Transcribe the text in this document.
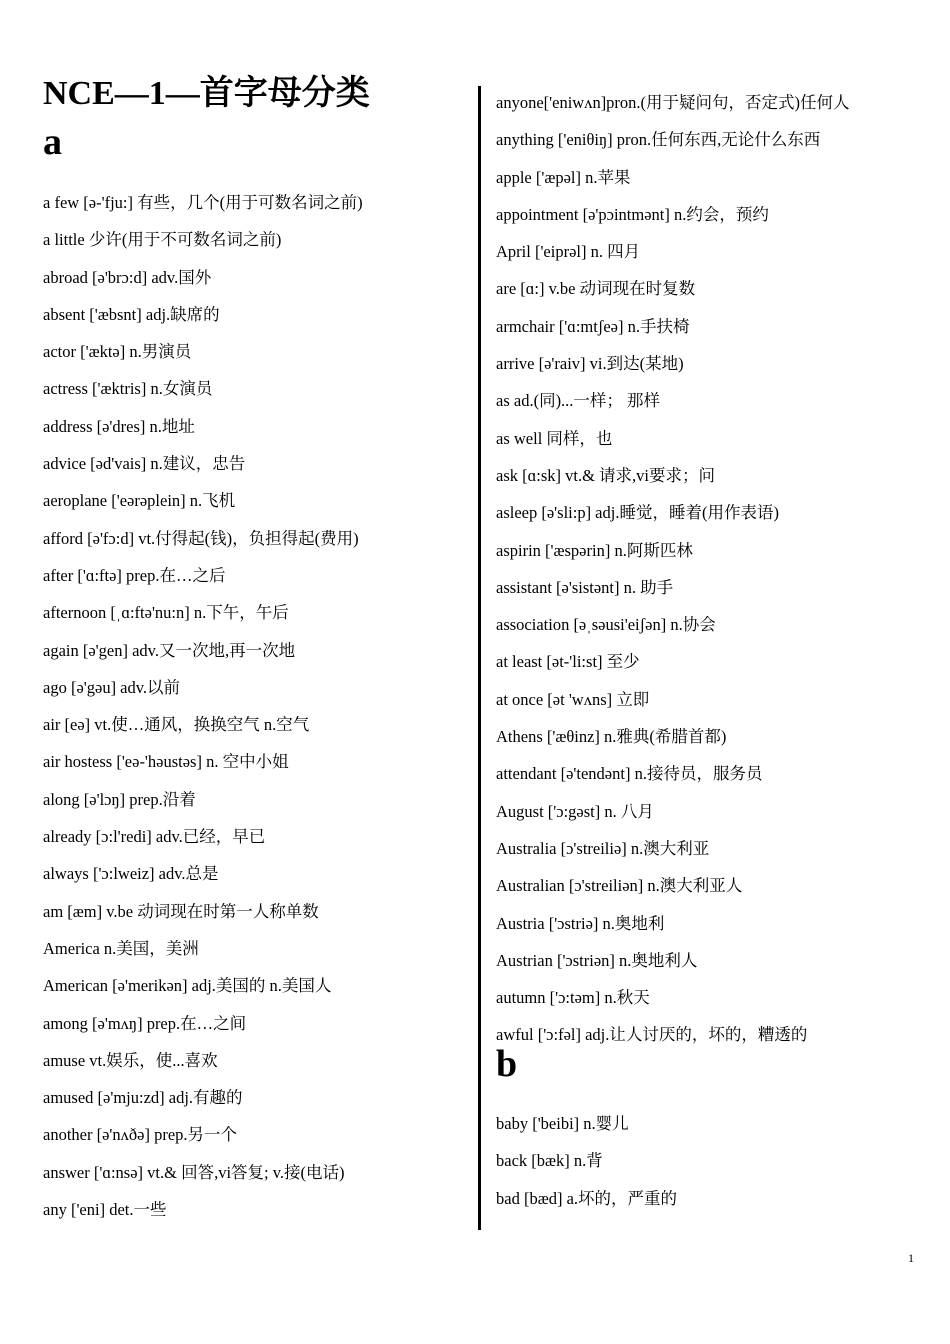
NCE—1—首字母分类
a
a few [ə-'fju:] 有些，几个(用于可数名词之前)
a little 少许(用于不可数名词之前)
abroad [ə'brɔ:d] adv.国外
absent ['æbsnt] adj.缺席的
actor ['æktə] n.男演员
actress ['æktris] n.女演员
address [ə'dres] n.地址
advice [əd'vais] n.建议，忠告
aeroplane ['eərəplein] n.飞机
afford [ə'fɔ:d] vt.付得起(钱)，负担得起(费用)
after ['ɑ:ftə] prep.在…之后
afternoon [ˌɑ:ftə'nu:n] n.下午，午后
again [ə'gen] adv.又一次地,再一次地
ago [ə'gəu] adv.以前
air [eə] vt.使…通风，换换空气 n.空气
air hostess ['eə-'həustəs] n. 空中小姐
along [ə'lɔŋ] prep.沿着
already [ɔ:l'redi] adv.已经，早已
always ['ɔ:lweiz] adv.总是
am [æm] v.be 动词现在时第一人称单数
America n.美国，美洲
American [ə'merikən] adj.美国的 n.美国人
among [ə'mʌŋ] prep.在…之间
amuse vt.娱乐，使...喜欢
amused [ə'mju:zd] adj.有趣的
another [ə'nʌðə] prep.另一个
answer ['ɑ:nsə] vt.& 回答,vi答复; v.接(电话)
any ['eni] det.一些
anyone['eniwʌn]pron.(用于疑问句，否定式)任何人
anything ['eniθiŋ] pron.任何东西,无论什么东西
apple ['æpəl] n.苹果
appointment [ə'pɔintmənt] n.约会，预约
April ['eiprəl] n. 四月
are [ɑ:] v.be 动词现在时复数
armchair ['ɑ:mtʃeə] n.手扶椅
arrive [ə'raiv] vi.到达(某地)
as ad.(同)...一样； 那样
as well 同样，也
ask [ɑ:sk] vt.& 请求,vi要求；问
asleep [ə'sli:p] adj.睡觉，睡着(用作表语)
aspirin ['æspərin] n.阿斯匹林
assistant [ə'sistənt] n. 助手
association [əˌsəusi'eiʃən] n.协会
at least [ət-'li:st] 至少
at once [ət 'wʌns] 立即
Athens ['æθinz] n.雅典(希腊首都)
attendant [ə'tendənt] n.接待员，服务员
August ['ɔ:gəst] n. 八月
Australia [ɔ'streiliə] n.澳大利亚
Australian [ɔ'streiliən] n.澳大利亚人
Austria ['ɔstriə] n.奥地利
Austrian ['ɔstriən] n.奥地利人
autumn ['ɔ:təm] n.秋天
awful ['ɔ:fəl] adj.让人讨厌的，坏的，糟透的
b
baby ['beibi] n.婴儿
back [bæk] n.背
bad [bæd] a.坏的，严重的
1
